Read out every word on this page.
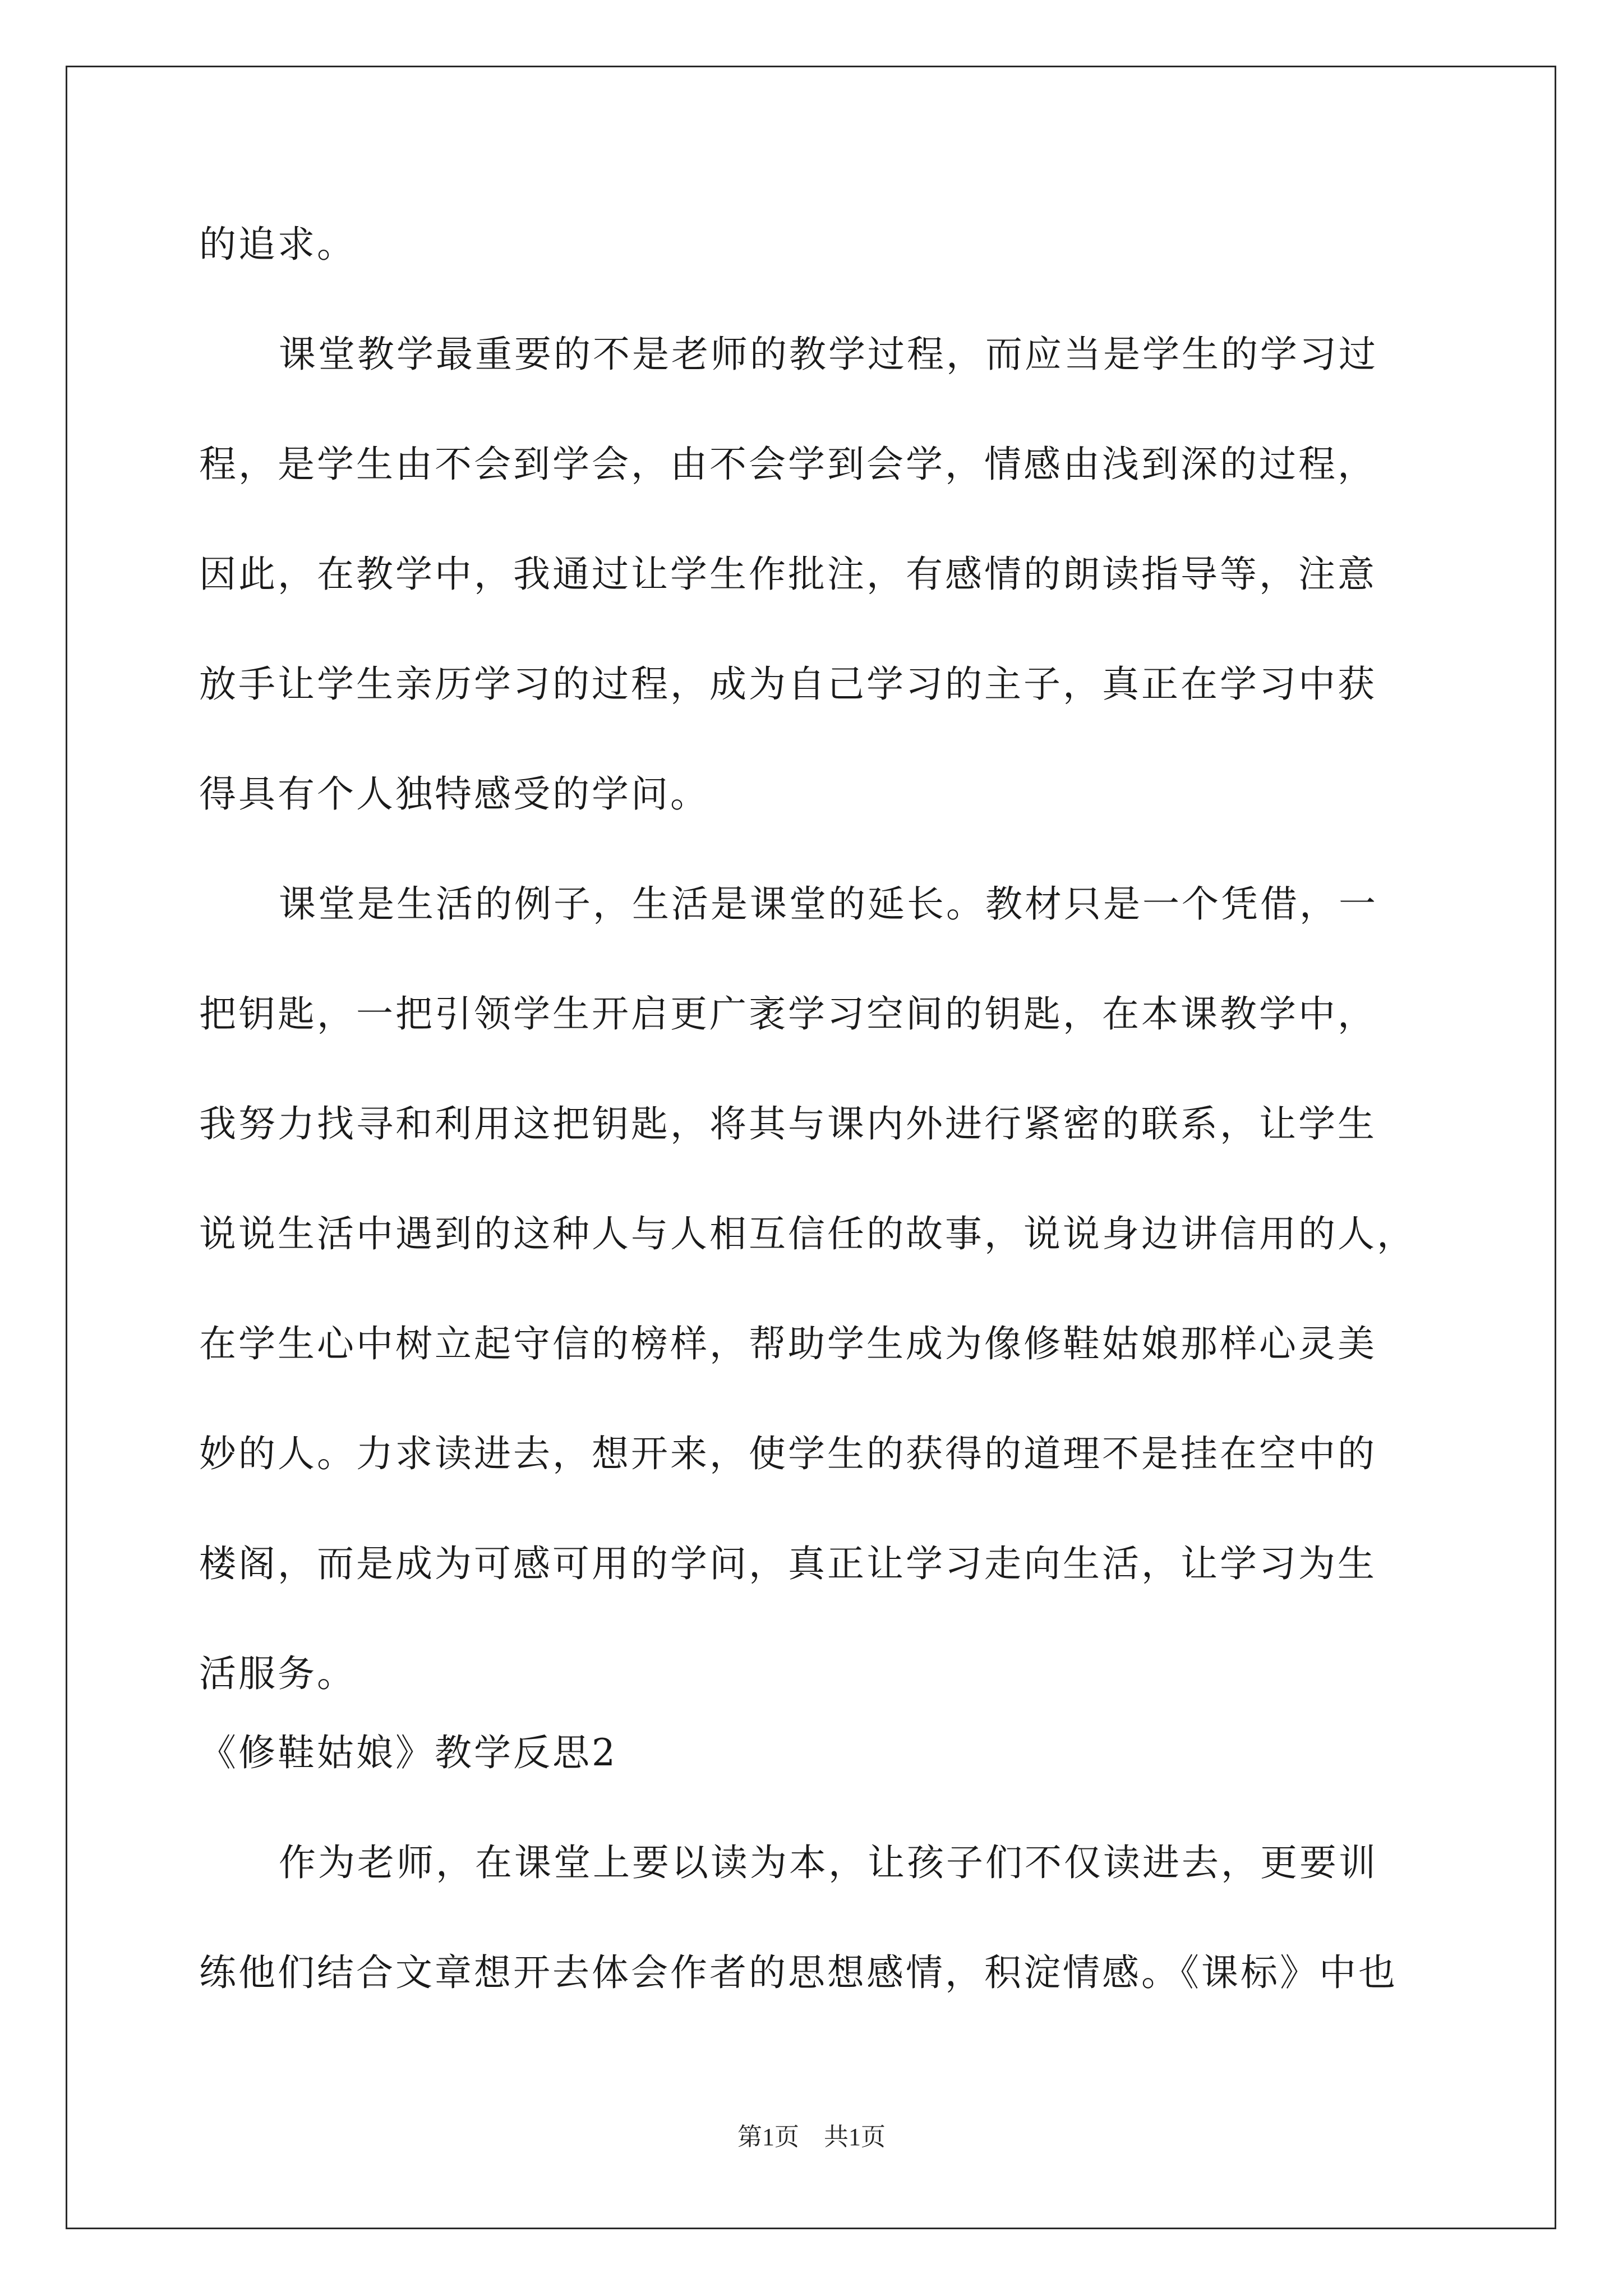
的追求。
课堂教学最重要的不是老师的教学过程，而应当是学生的学习过
程，是学生由不会到学会，由不会学到会学，情感由浅到深的过程，
因此，在教学中，我通过让学生作批注，有感情的朗读指导等，注意
放手让学生亲历学习的过程，成为自己学习的主子，真正在学习中获
得具有个人独特感受的学问。
课堂是生活的例子，生活是课堂的延长。教材只是一个凭借，一
把钥匙，一把引领学生开启更广袤学习空间的钥匙，在本课教学中，
我努力找寻和利用这把钥匙，将其与课内外进行紧密的联系，让学生
说说生活中遇到的这种人与人相互信任的故事，说说身边讲信用的人，
在学生心中树立起守信的榜样，帮助学生成为像修鞋姑娘那样心灵美
妙的人。力求读进去，想开来，使学生的获得的道理不是挂在空中的
楼阁，而是成为可感可用的学问，真正让学习走向生活，让学习为生
活服务。
《修鞋姑娘》教学反思2
作为老师，在课堂上要以读为本，让孩子们不仅读进去，更要训
练他们结合文章想开去体会作者的思想感情，积淀情感。《课标》中也
第1页　共1页
